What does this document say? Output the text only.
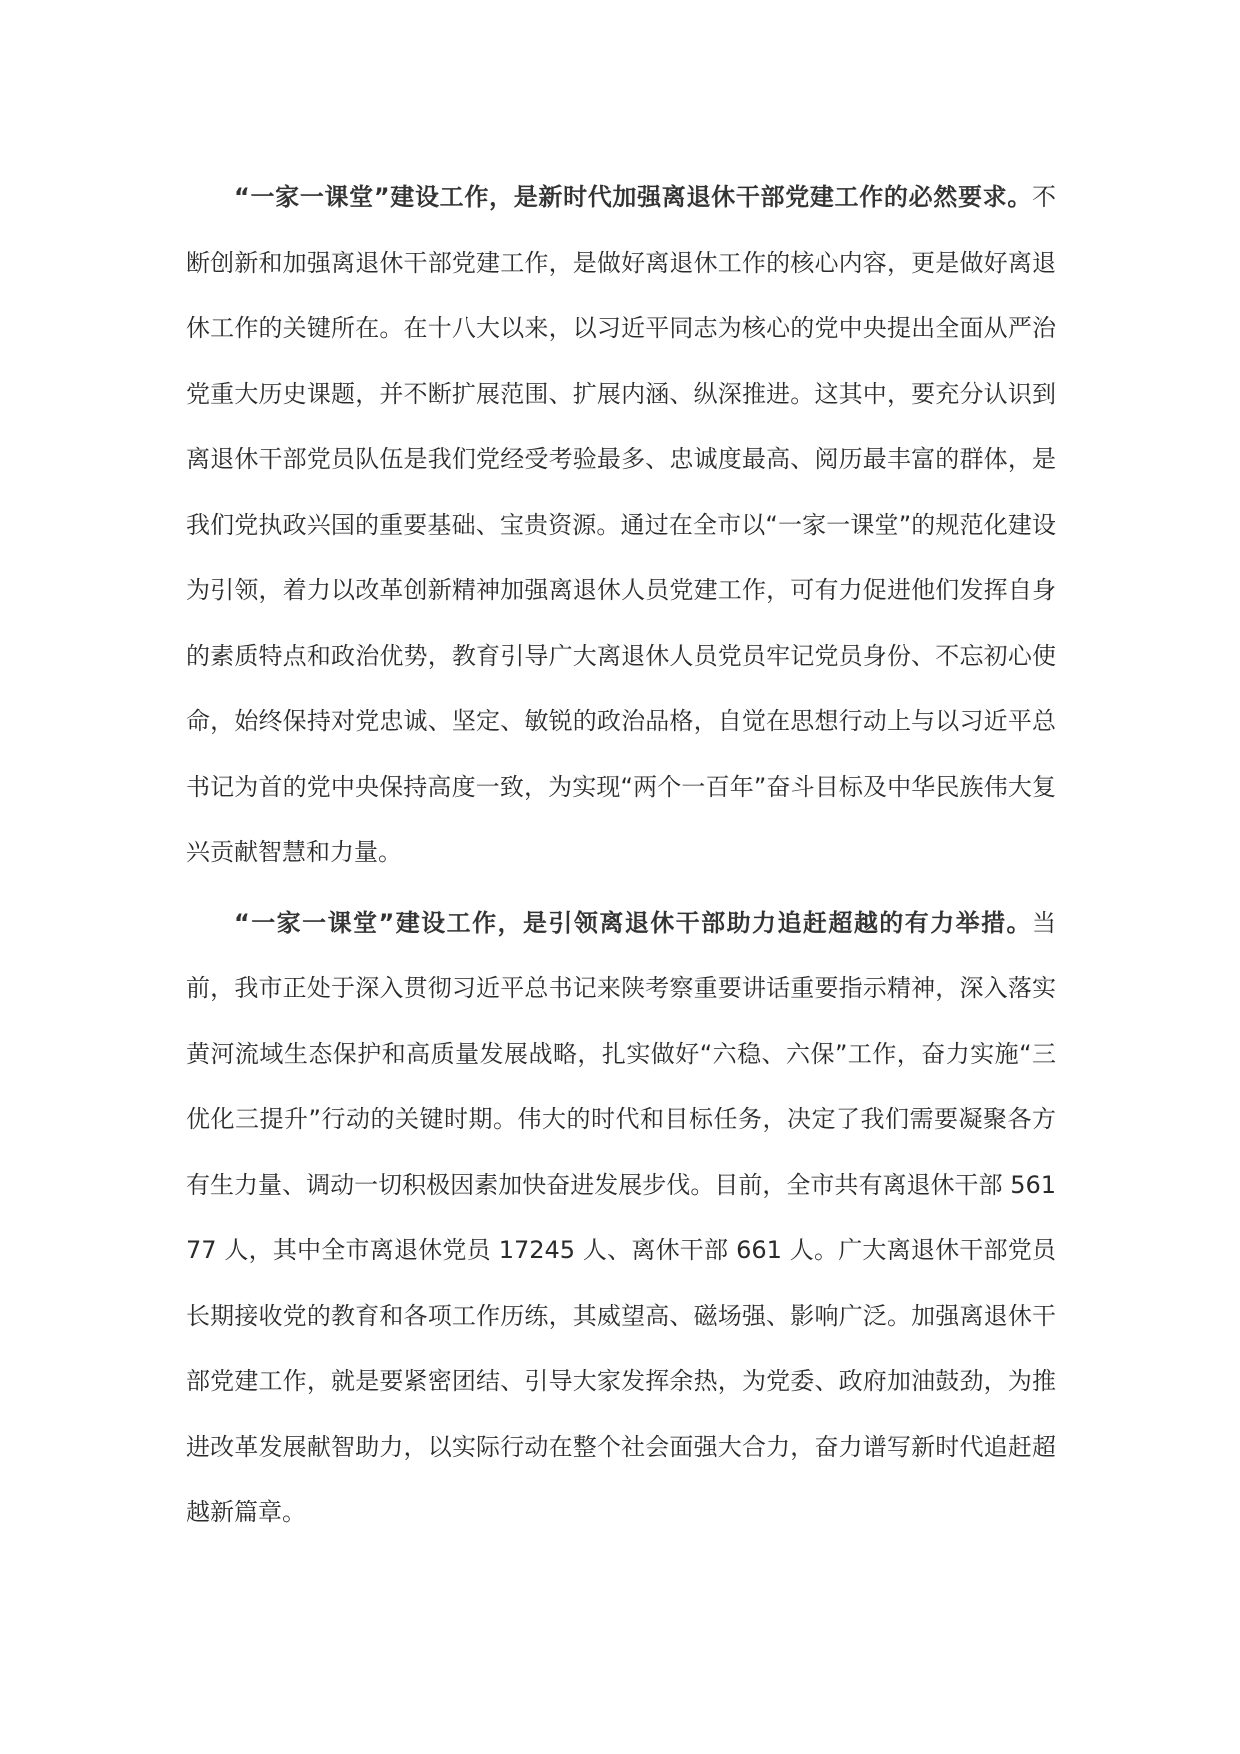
“一家一课堂”建设工作，是新时代加强离退休干部党建工作的必然要求。不断创新和加强离退休干部党建工作，是做好离退休工作的核心内容，更是做好离退休工作的关键所在。在十八大以来，以习近平同志为核心的党中央提出全面从严治党重大历史课题，并不断扩展范围、扩展内涵、纵深推进。这其中，要充分认识到离退休干部党员队伍是我们党经受考验最多、忠诚度最高、阅历最丰富的群体，是我们党执政兴国的重要基础、宝贵资源。通过在全市以“一家一课堂”的规范化建设为引领，着力以改革创新精神加强离退休人员党建工作，可有力促进他们发挥自身的素质特点和政治优势，教育引导广大离退休人员党员牢记党员身份、不忘初心使命，始终保持对党忠诚、坚定、敏锐的政治品格，自觉在思想行动上与以习近平总书记为首的党中央保持高度一致，为实现“两个一百年”奋斗目标及中华民族伟大复兴贡献智慧和力量。

“一家一课堂”建设工作，是引领离退休干部助力追赶超越的有力举措。当前，我市正处于深入贯彻习近平总书记来陕考察重要讲话重要指示精神，深入落实黄河流域生态保护和高质量发展战略，扎实做好“六稳、六保”工作，奋力实施“三优化三提升”行动的关键时期。伟大的时代和目标任务，决定了我们需要凝聚各方有生力量、调动一切积极因素加快奋进发展步伐。目前，全市共有离退休干部 56177 人，其中全市离退休党员 17245 人、离休干部 661 人。广大离退休干部党员长期接收党的教育和各项工作历练，其威望高、磁场强、影响广泛。加强离退休干部党建工作，就是要紧密团结、引导大家发挥余热，为党委、政府加油鼓劲，为推进改革发展献智助力，以实际行动在整个社会面强大合力，奋力谱写新时代追赶超越新篇章。
